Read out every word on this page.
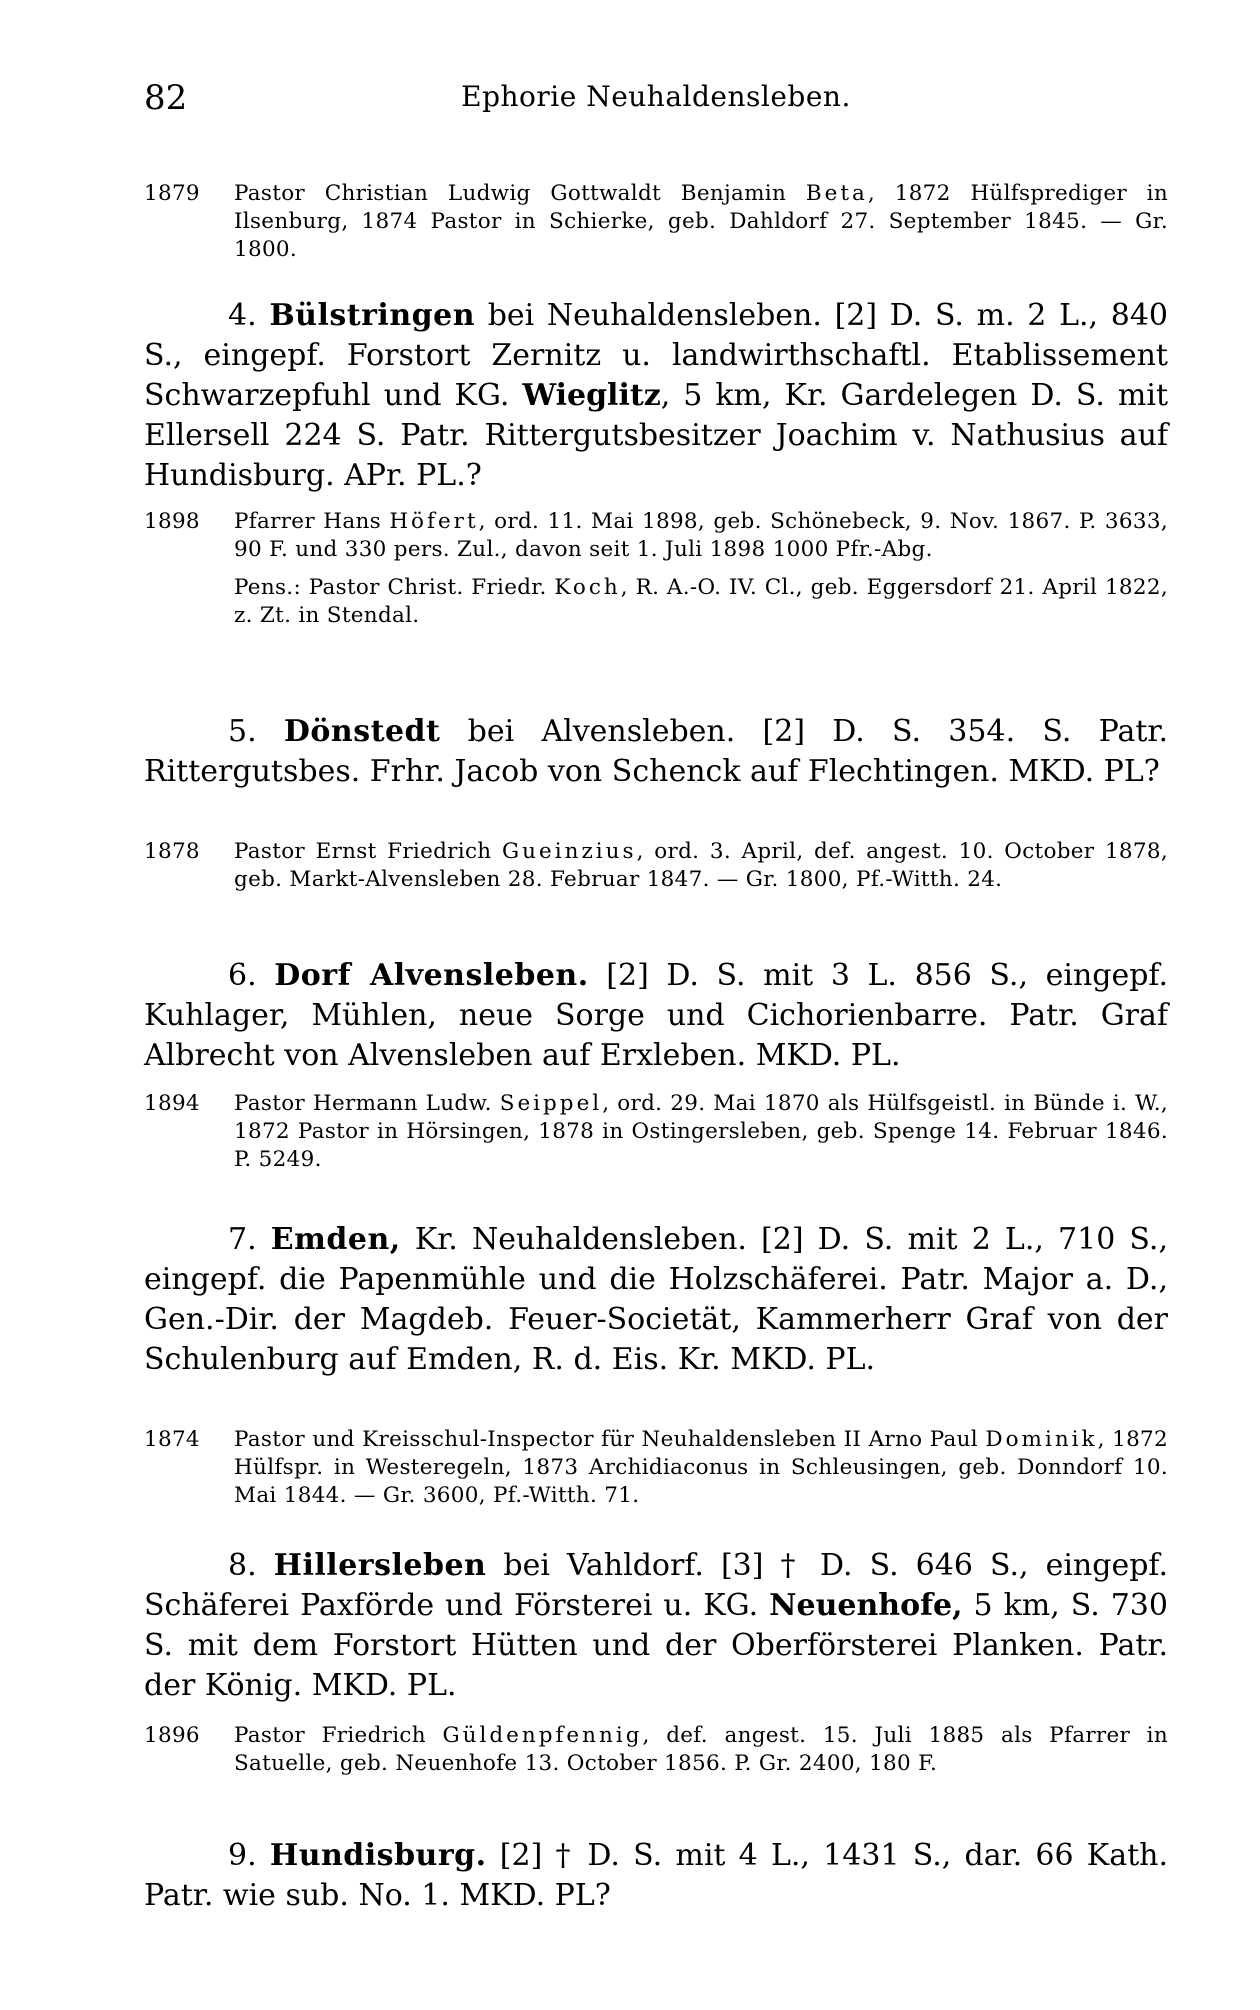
82	Ephorie Neuhaldensleben.
1879	Pastor Christian Ludwig Gottwaldt Benjamin Beta, 1872 Hülfsprediger in Ilsenburg, 1874 Pastor in Schierke, geb. Dahldorf 27. September 1845. — Gr. 1800.
4. Bülstringen bei Neuhaldensleben. [2] D. S. m. 2 L., 840 S., eingepf. Forstort Zernitz u. landwirthschaftl. Etablissement Schwarzepfuhl und KG. Wieglitz, 5 km, Kr. Gardelegen D. S. mit Ellersell 224 S. Patr. Rittergutsbesitzer Joachim v. Nathusius auf Hundisburg. APr. PL.?
1898	Pfarrer Hans Höfert, ord. 11. Mai 1898, geb. Schönebeck, 9. Nov. 1867. P. 3633, 90 F. und 330 pers. Zul., davon seit 1. Juli 1898 1000 Pfr.-Abg.
Pens.: Pastor Christ. Friedr. Koch, R. A.-O. IV. Cl., geb. Eggersdorf 21. April 1822, z. Zt. in Stendal.
5. Dönstedt bei Alvensleben. [2] D. S. 354. S. Patr. Rittergutsbes. Frhr. Jacob von Schenck auf Flechtingen. MKD. PL?
1878	Pastor Ernst Friedrich Gueinzius, ord. 3. April, def. angest. 10. October 1878, geb. Markt-Alvensleben 28. Februar 1847. — Gr. 1800, Pf.-Witth. 24.
6. Dorf Alvensleben. [2] D. S. mit 3 L. 856 S., eingepf. Kuhlager, Mühlen, neue Sorge und Cichorienbarre. Patr. Graf Albrecht von Alvensleben auf Erxleben. MKD. PL.
1894	Pastor Hermann Ludw. Seippel, ord. 29. Mai 1870 als Hülfsgeistl. in Bünde i. W., 1872 Pastor in Hörsingen, 1878 in Ostingersleben, geb. Spenge 14. Februar 1846. P. 5249.
7. Emden, Kr. Neuhaldensleben. [2] D. S. mit 2 L., 710 S., eingepf. die Papenmühle und die Holzschäferei. Patr. Major a. D., Gen.-Dir. der Magdeb. Feuer-Societät, Kammerherr Graf von der Schulenburg auf Emden, R. d. Eis. Kr. MKD. PL.
1874	Pastor und Kreisschul-Inspector für Neuhaldensleben II Arno Paul Dominik, 1872 Hülfspr. in Westeregeln, 1873 Archidiaconus in Schleusingen, geb. Donndorf 10. Mai 1844. — Gr. 3600, Pf.-Witth. 71.
8. Hillersleben bei Vahldorf. [3] † D. S. 646 S., eingepf. Schäferei Paxförde und Försterei u. KG. Neuenhofe, 5 km, S. 730 S. mit dem Forstort Hütten und der Oberförsterei Planken. Patr. der König. MKD. PL.
1896	Pastor Friedrich Güldenpfennig, def. angest. 15. Juli 1885 als Pfarrer in Satuelle, geb. Neuenhofe 13. October 1856. P. Gr. 2400, 180 F.
9. Hundisburg. [2] † D. S. mit 4 L., 1431 S., dar. 66 Kath. Patr. wie sub. No. 1. MKD. PL?
